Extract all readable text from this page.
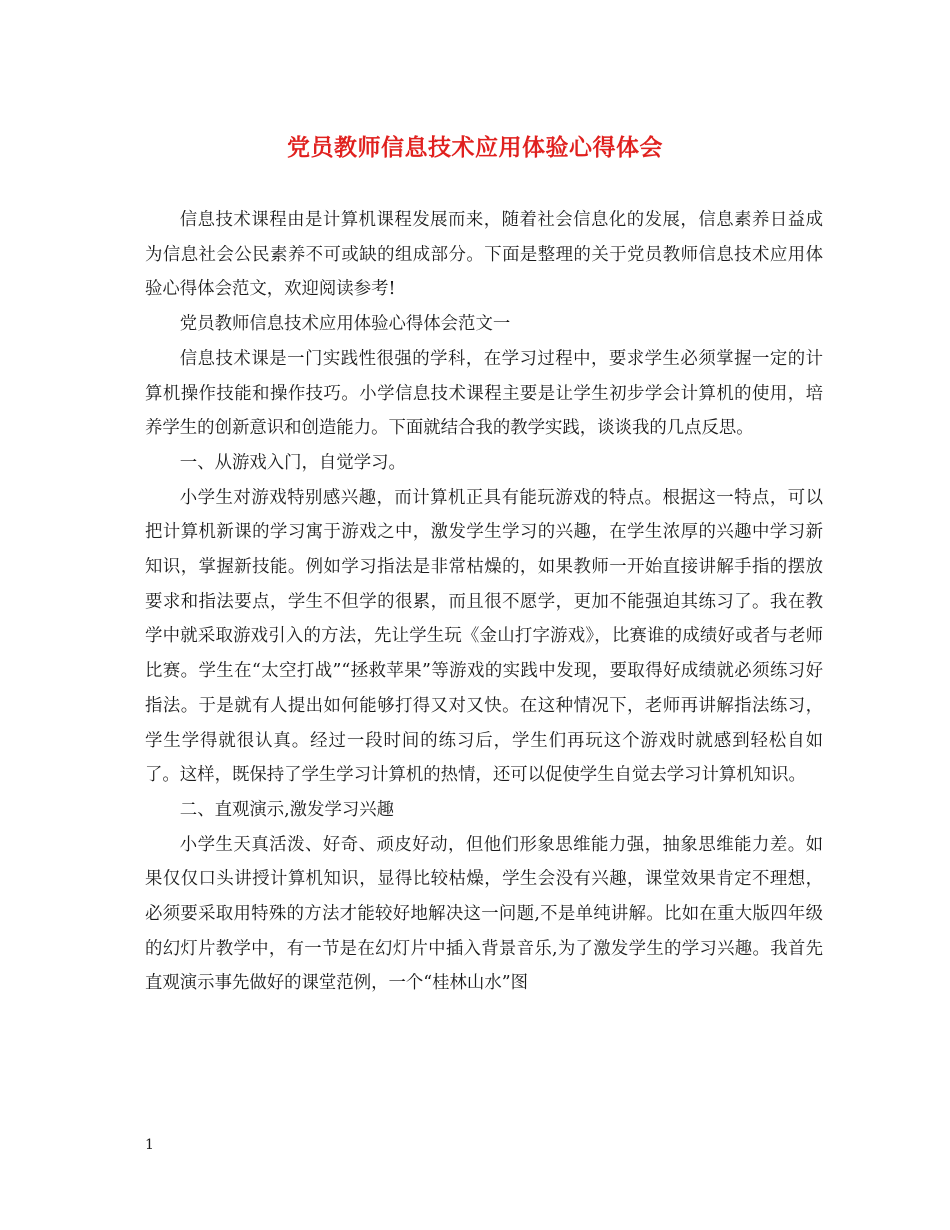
党员教师信息技术应用体验心得体会

信息技术课程由是计算机课程发展而来，随着社会信息化的发展，信息素养日益成为信息社会公民素养不可或缺的组成部分。下面是整理的关于党员教师信息技术应用体验心得体会范文，欢迎阅读参考!

党员教师信息技术应用体验心得体会范文一

信息技术课是一门实践性很强的学科，在学习过程中，要求学生必须掌握一定的计算机操作技能和操作技巧。小学信息技术课程主要是让学生初步学会计算机的使用，培养学生的创新意识和创造能力。下面就结合我的教学实践，谈谈我的几点反思。

一、从游戏入门，自觉学习。

小学生对游戏特别感兴趣，而计算机正具有能玩游戏的特点。根据这一特点，可以把计算机新课的学习寓于游戏之中，激发学生学习的兴趣，在学生浓厚的兴趣中学习新知识，掌握新技能。例如学习指法是非常枯燥的，如果教师一开始直接讲解手指的摆放要求和指法要点，学生不但学的很累，而且很不愿学，更加不能强迫其练习了。我在教学中就采取游戏引入的方法，先让学生玩《金山打字游戏》，比赛谁的成绩好或者与老师比赛。学生在“太空打战”“拯救苹果”等游戏的实践中发现，要取得好成绩就必须练习好指法。于是就有人提出如何能够打得又对又快。在这种情况下，老师再讲解指法练习，学生学得就很认真。经过一段时间的练习后，学生们再玩这个游戏时就感到轻松自如了。这样，既保持了学生学习计算机的热情，还可以促使学生自觉去学习计算机知识。

二、直观演示,激发学习兴趣

小学生天真活泼、好奇、顽皮好动，但他们形象思维能力强，抽象思维能力差。如果仅仅口头讲授计算机知识，显得比较枯燥，学生会没有兴趣，课堂效果肯定不理想，必须要采取用特殊的方法才能较好地解决这一问题,不是单纯讲解。比如在重大版四年级的幻灯片教学中，有一节是在幻灯片中插入背景音乐,为了激发学生的学习兴趣。我首先直观演示事先做好的课堂范例，一个“桂林山水”图

1
